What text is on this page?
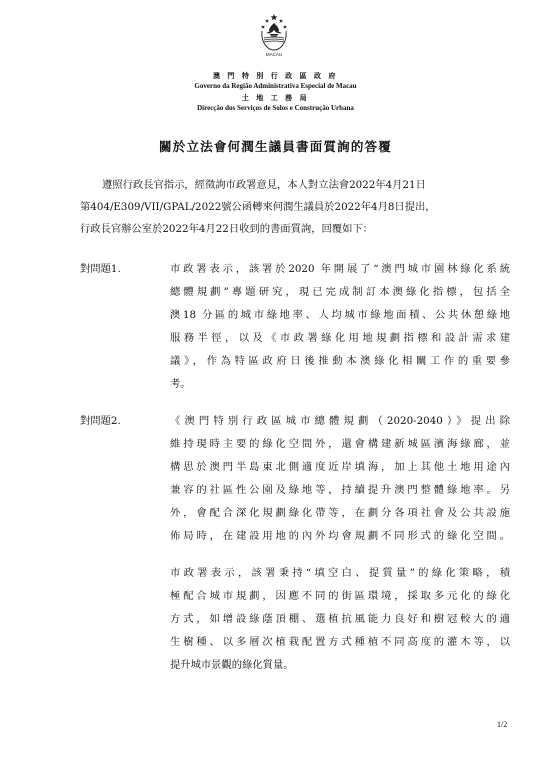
MACAU
澳 門 特 別 行 政 區 政 府
Governo da Região Administrativa Especial de Macau
土 地 工 務 局
Direcção dos Serviços de Solos e Construção Urbana
關於立法會何潤生議員書面質詢的答覆
遵照行政長官指示，經徵詢市政署意見，本人對立法會2022年4月21日
第404/E309/VII/GPAL/2022號公函轉來何潤生議員於2022年4月8日提出，
行政長官辦公室於2022年4月22日收到的書面質詢，回覆如下：
對問題1.	市政署表示，該署於2020 年開展了“澳門城市園林綠化系統
總體規劃”專題研究，現已完成制訂本澳綠化指標，包括全
澳18 分區的城市綠地率、人均城市綠地面積、公共休憩綠地
服務半徑，以及《市政署綠化用地規劃指標和設計需求建
議》，作為特區政府日後推動本澳綠化相關工作的重要參
考。
對問題2.	《澳門特別行政區城市總體規劃（2020-2040）》提出除
維持現時主要的綠化空間外，還會構建新城區濱海綠廊，並
構思於澳門半島東北側適度近岸填海，加上其他土地用途內
兼容的社區性公園及綠地等，持續提升澳門整體綠地率。另
外，會配合深化規劃綠化帶等，在劃分各項社會及公共設施
佈局時，在建設用地的內外均會規劃不同形式的綠化空間。
市政署表示，該署秉持“填空白、提質量”的綠化策略，積
極配合城市規劃，因應不同的街區環境，採取多元化的綠化
方式，如增設綠蔭頂棚、選植抗風能力良好和樹冠較大的適
生樹種、以多層次植栽配置方式種植不同高度的灌木等，以
提升城市景觀的綠化質量。
1/2
